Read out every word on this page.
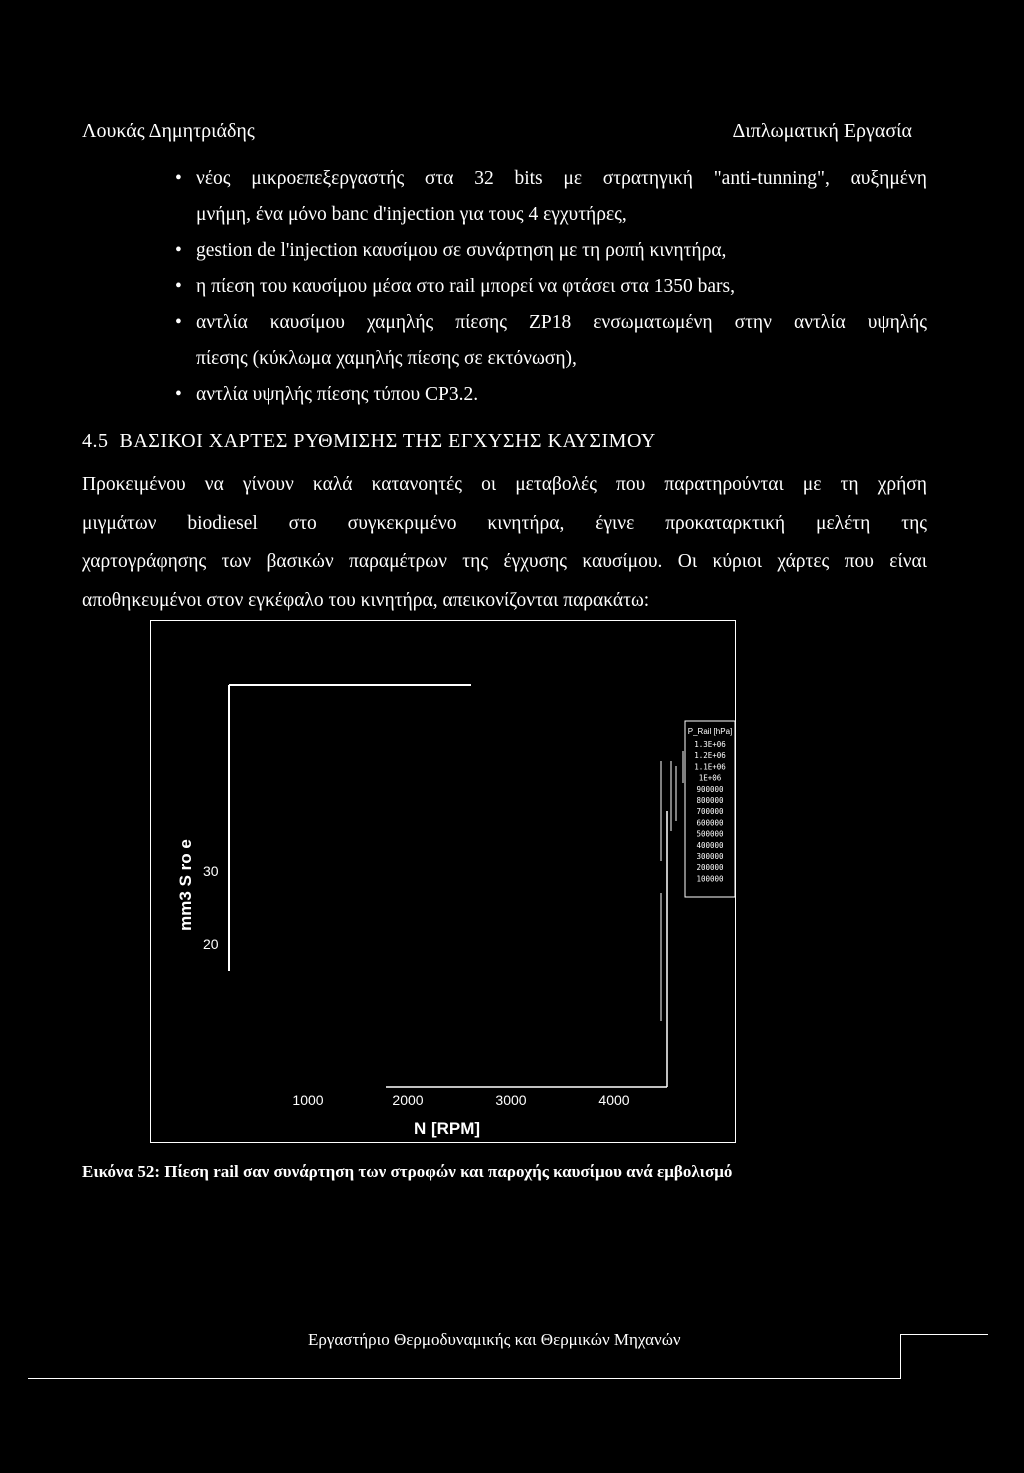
Λουκάς Δημητριάδης	Διπλωματική Εργασία
• νέος μικροεπεξεργαστής στα 32 bits με στρατηγική "anti-tunning", αυξημένη
μνήμη, ένα μόνο banc d'injection για τους 4 εγχυτήρες,
• gestion de l'injection καυσίμου σε συνάρτηση με τη ροπή κινητήρα,
• η πίεση του καυσίμου μέσα στο rail μπορεί να φτάσει στα 1350 bars,
• αντλία καυσίμου χαμηλής πίεσης ZP18 ενσωματωμένη στην αντλία υψηλής
πίεσης (κύκλωμα χαμηλής πίεσης σε εκτόνωση),
• αντλία υψηλής πίεσης τύπου CP3.2.
4.5 ΒΑΣΙΚΟΙ ΧΑΡΤΕΣ ΡΥΘΜΙΣΗΣ ΤΗΣ ΕΓΧΥΣΗΣ ΚΑΥΣΙΜΟΥ
Προκειμένου να γίνουν καλά κατανοητές οι μεταβολές που παρατηρούνται με τη χρήση
μιγμάτων biodiesel στο συγκεκριμένο κινητήρα, έγινε προκαταρκτική μελέτη της
χαρτογράφησης των βασικών παραμέτρων της έγχυσης καυσίμου. Οι κύριοι χάρτες που είναι
αποθηκευμένοι στον εγκέφαλο του κινητήρα, απεικονίζονται παρακάτω:
P_Rail [hPa]
1.3E+06
1.2E+06
1.1E+06
1E+06
900000
800000
700000
600000
500000
400000
300000
200000
100000
1000	2000	3000	4000
30
20
N [RPM]
mm3 S ro e
Εικόνα 52: Πίεση rail σαν συνάρτηση των στροφών και παροχής καυσίμου ανά εμβολισμό
Εργαστήριο Θερμοδυναμικής και Θερμικών Μηχανών
